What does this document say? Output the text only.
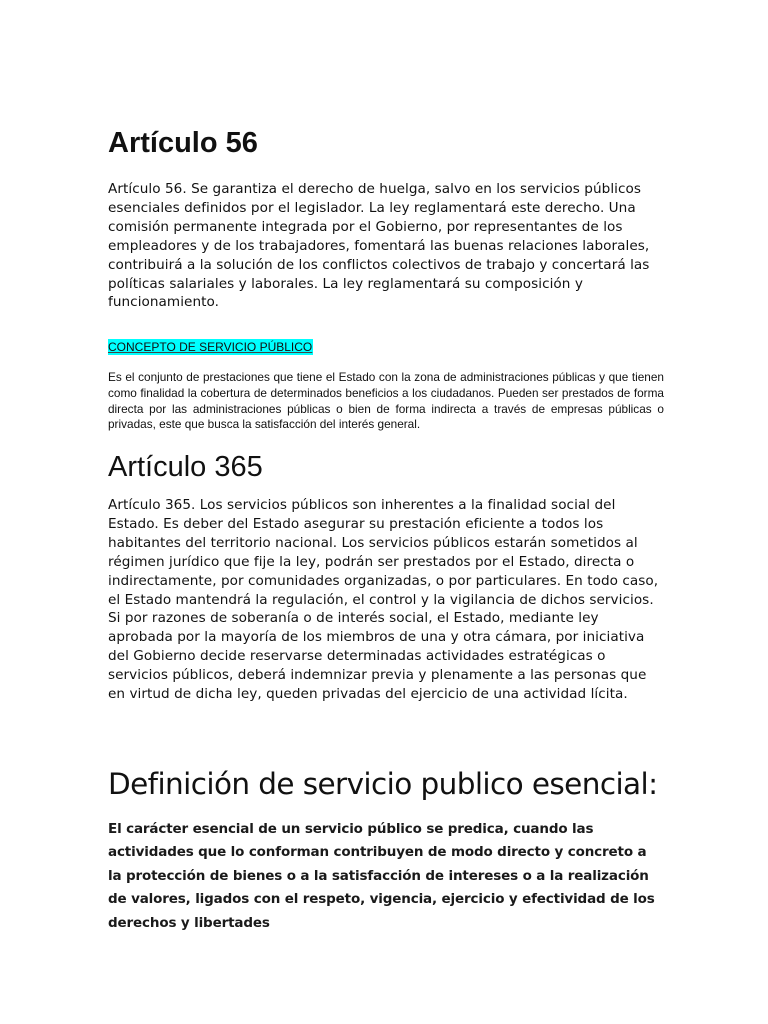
Artículo 56

Artículo 56. Se garantiza el derecho de huelga, salvo en los servicios públicos esenciales definidos por el legislador. La ley reglamentará este derecho. Una comisión permanente integrada por el Gobierno, por representantes de los empleadores y de los trabajadores, fomentará las buenas relaciones laborales, contribuirá a la solución de los conflictos colectivos de trabajo y concertará las políticas salariales y laborales. La ley reglamentará su composición y funcionamiento.

CONCEPTO DE SERVICIO PÚBLICO

Es el conjunto de prestaciones que tiene el Estado con la zona de administraciones públicas y que tienen como finalidad la cobertura de determinados beneficios a los ciudadanos. Pueden ser prestados de forma directa por las administraciones públicas o bien de forma indirecta a través de empresas públicas o privadas, este que busca la satisfacción del interés general.

Artículo 365

Artículo 365. Los servicios públicos son inherentes a la finalidad social del Estado. Es deber del Estado asegurar su prestación eficiente a todos los habitantes del territorio nacional. Los servicios públicos estarán sometidos al régimen jurídico que fije la ley, podrán ser prestados por el Estado, directa o indirectamente, por comunidades organizadas, o por particulares. En todo caso, el Estado mantendrá la regulación, el control y la vigilancia de dichos servicios. Si por razones de soberanía o de interés social, el Estado, mediante ley aprobada por la mayoría de los miembros de una y otra cámara, por iniciativa del Gobierno decide reservarse determinadas actividades estratégicas o servicios públicos, deberá indemnizar previa y plenamente a las personas que en virtud de dicha ley, queden privadas del ejercicio de una actividad lícita.

Definición de servicio publico esencial:

El carácter esencial de un servicio público se predica, cuando las actividades que lo conforman contribuyen de modo directo y concreto a la protección de bienes o a la satisfacción de intereses o a la realización de valores, ligados con el respeto, vigencia, ejercicio y efectividad de los derechos y libertades
